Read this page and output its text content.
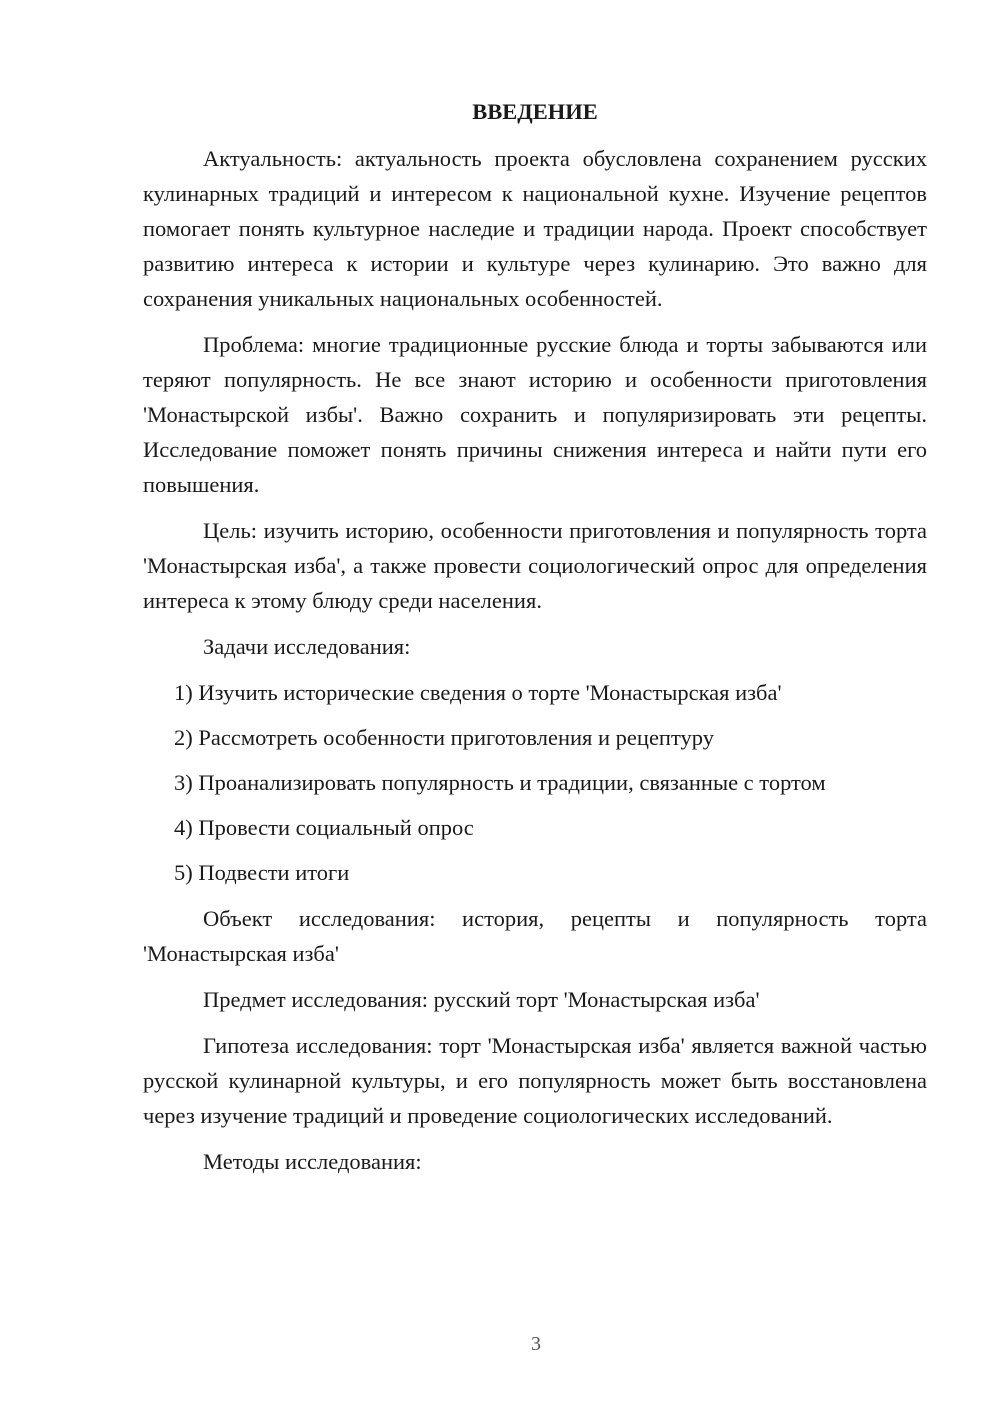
ВВЕДЕНИЕ

Актуальность: актуальность проекта обусловлена сохранением русских кулинарных традиций и интересом к национальной кухне. Изучение рецептов помогает понять культурное наследие и традиции народа. Проект способствует развитию интереса к истории и культуре через кулинарию. Это важно для сохранения уникальных национальных особенностей.

Проблема: многие традиционные русские блюда и торты забываются или теряют популярность. Не все знают историю и особенности приготовления 'Монастырской избы'. Важно сохранить и популяризировать эти рецепты. Исследование поможет понять причины снижения интереса и найти пути его повышения.

Цель: изучить историю, особенности приготовления и популярность торта 'Монастырская изба', а также провести социологический опрос для определения интереса к этому блюду среди населения.

Задачи исследования:

1) Изучить исторические сведения о торте 'Монастырская изба'
2) Рассмотреть особенности приготовления и рецептуру
3) Проанализировать популярность и традиции, связанные с тортом
4) Провести социальный опрос
5) Подвести итоги

Объект исследования: история, рецепты и популярность торта 'Монастырская изба'

Предмет исследования: русский торт 'Монастырская изба'

Гипотеза исследования: торт 'Монастырская изба' является важной частью русской кулинарной культуры, и его популярность может быть восстановлена через изучение традиций и проведение социологических исследований.

Методы исследования:

3
